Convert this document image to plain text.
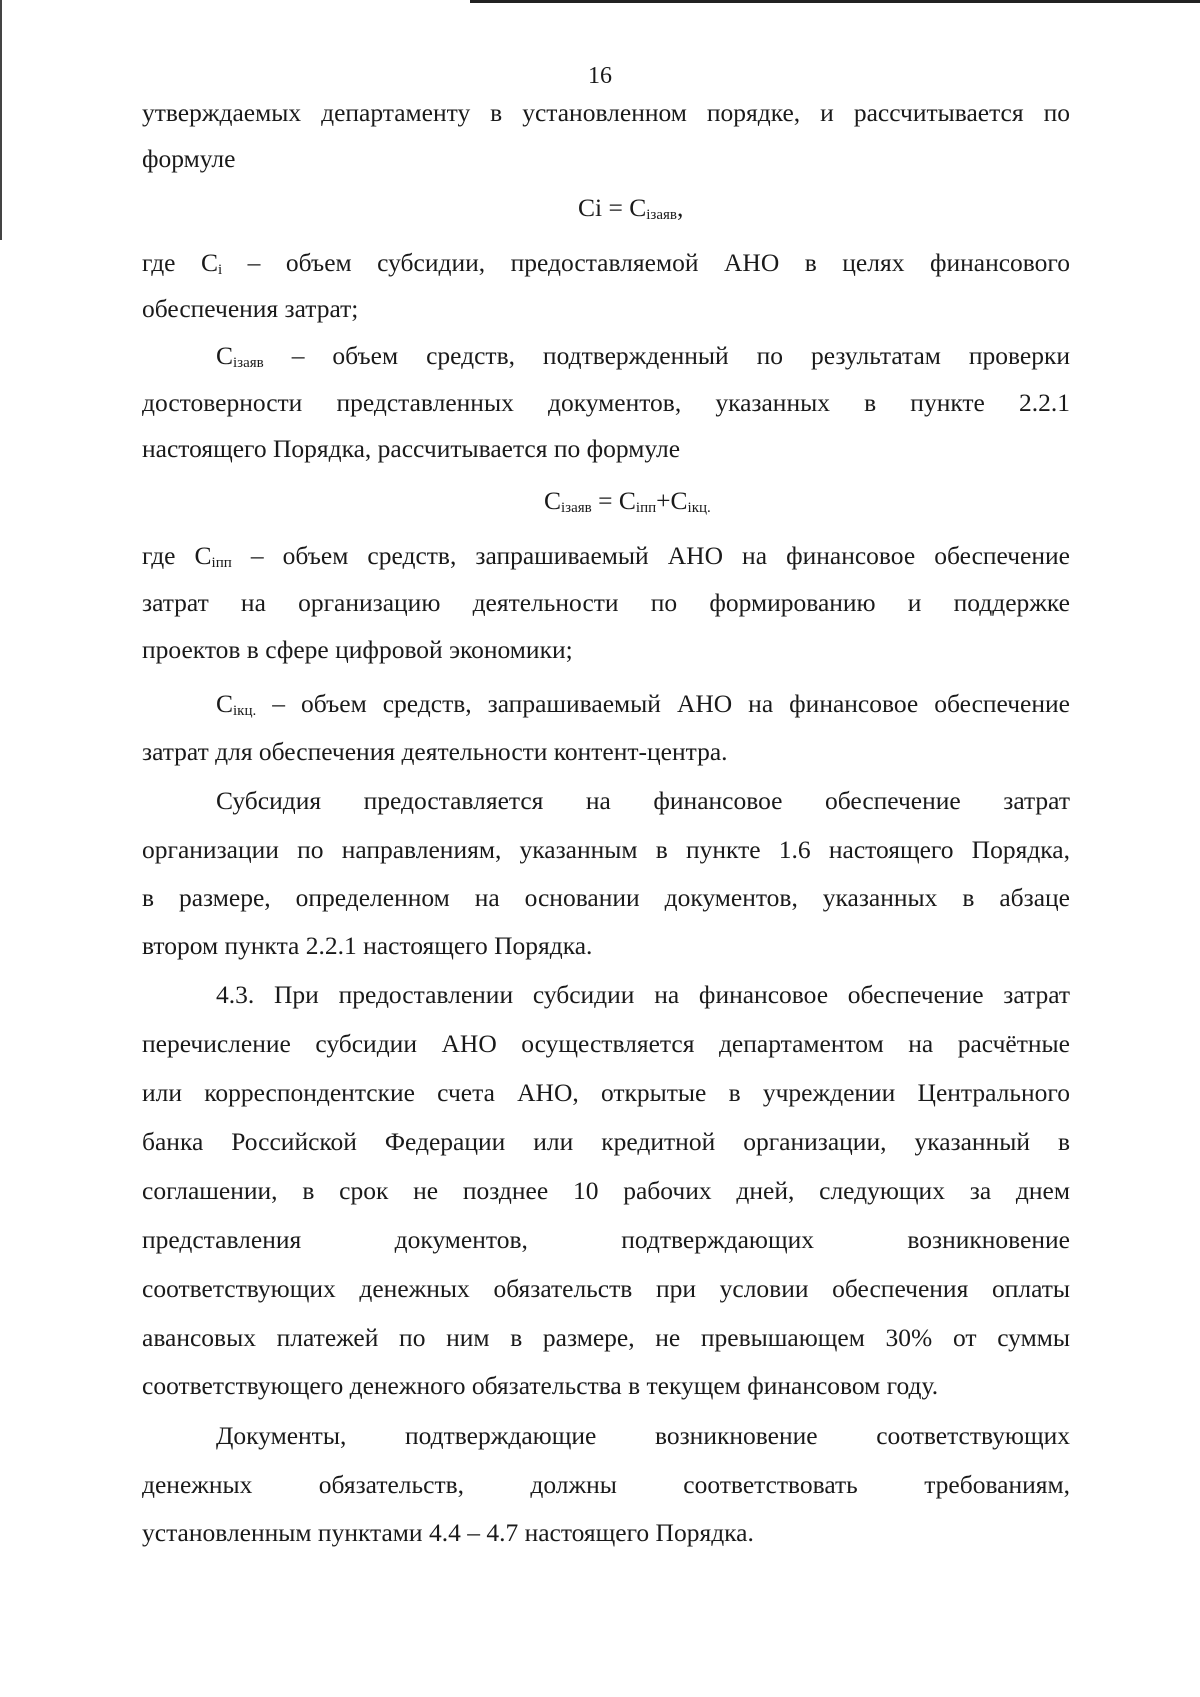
16
утверждаемых департаменту в установленном порядке, и рассчитывается по
формуле
$Ci = C_{iзаяв}$,
где $C_i$ – объем субсидии, предоставляемой АНО в целях финансового
обеспечения затрат;
$C_{iзаяв}$ – объем средств, подтвержденный по результатам проверки
достоверности представленных документов, указанных в пункте 2.2.1
настоящего Порядка, рассчитывается по формуле
$C_{iзаяв} = C_{iпп}+C_{iкц.}$
где $C_{iпп}$ – объем средств, запрашиваемый АНО на финансовое обеспечение
затрат на организацию деятельности по формированию и поддержке
проектов в сфере цифровой экономики;
$C_{iкц.}$ – объем средств, запрашиваемый АНО на финансовое обеспечение
затрат для обеспечения деятельности контент-центра.
Субсидия предоставляется на финансовое обеспечение затрат
организации по направлениям, указанным в пункте 1.6 настоящего Порядка,
в размере, определенном на основании документов, указанных в абзаце
втором пункта 2.2.1 настоящего Порядка.
4.3. При предоставлении субсидии на финансовое обеспечение затрат
перечисление субсидии АНО осуществляется департаментом на расчётные
или корреспондентские счета АНО, открытые в учреждении Центрального
банка Российской Федерации или кредитной организации, указанный в
соглашении, в срок не позднее 10 рабочих дней, следующих за днем
представления документов, подтверждающих возникновение
соответствующих денежных обязательств при условии обеспечения оплаты
авансовых платежей по ним в размере, не превышающем 30% от суммы
соответствующего денежного обязательства в текущем финансовом году.
Документы, подтверждающие возникновение соответствующих
денежных обязательств, должны соответствовать требованиям,
установленным пунктами 4.4 – 4.7 настоящего Порядка.
